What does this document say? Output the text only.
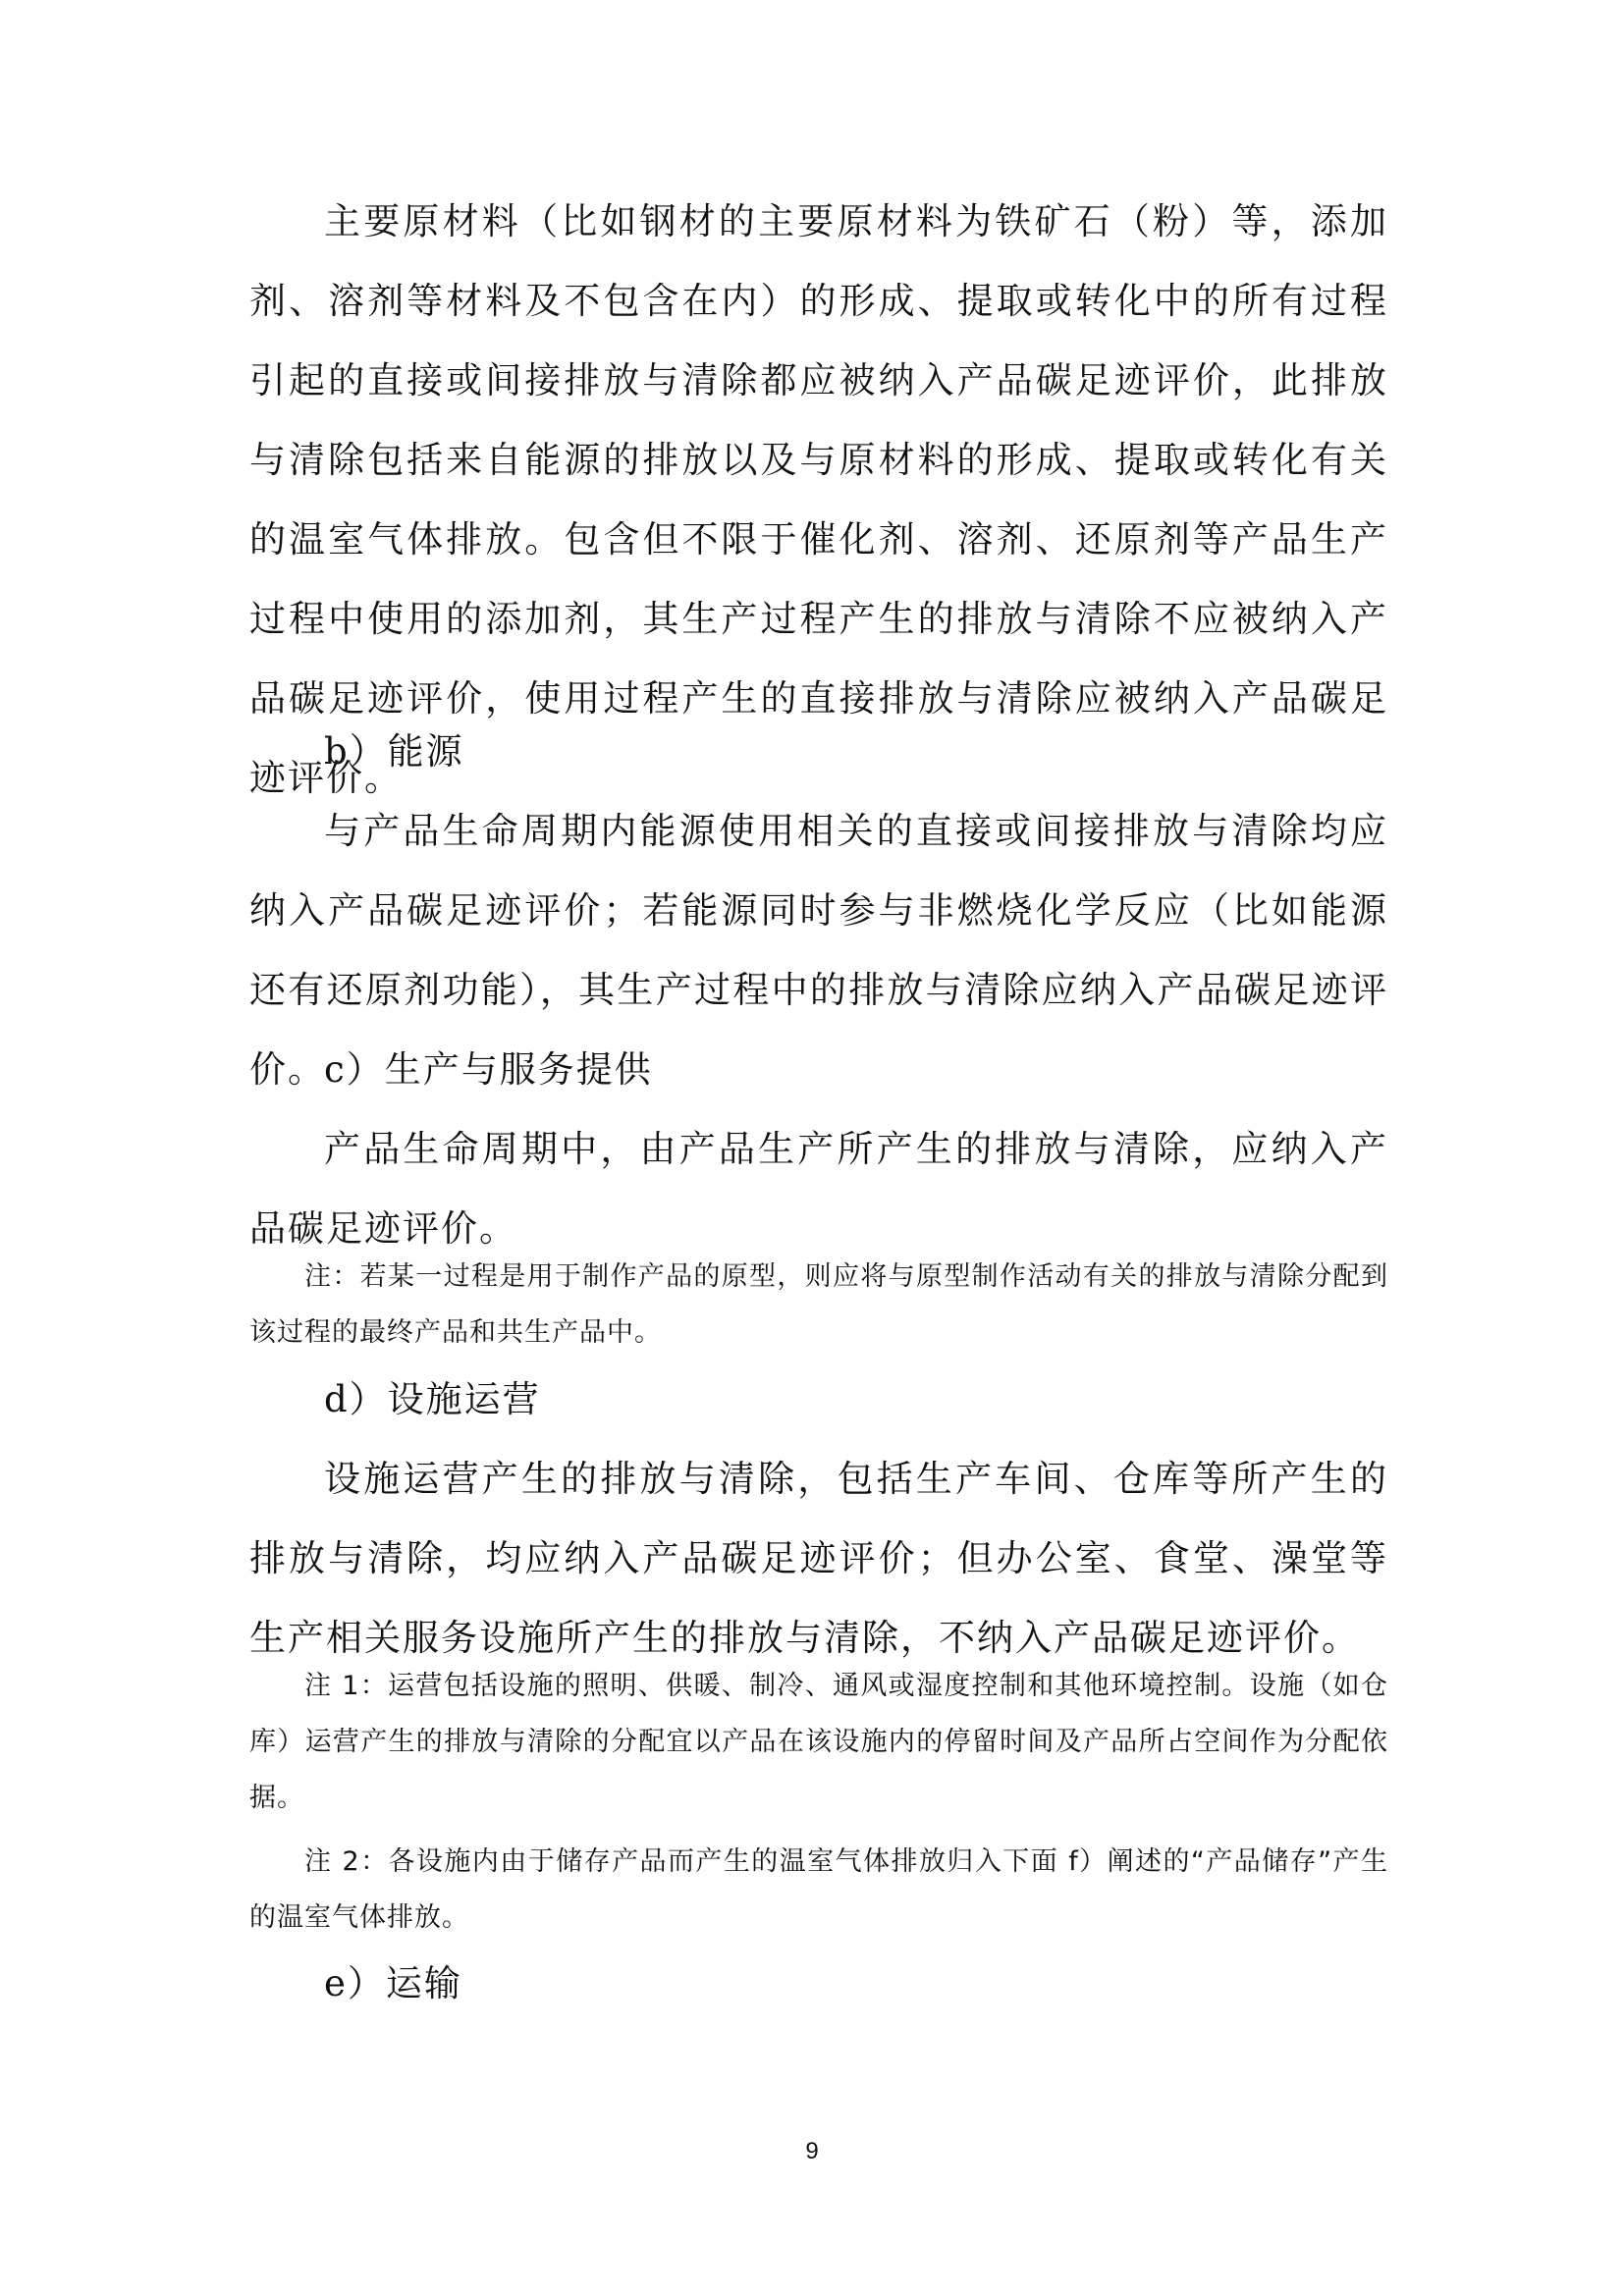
主要原材料（比如钢材的主要原材料为铁矿石（粉）等，添加剂、溶剂等材料及不包含在内）的形成、提取或转化中的所有过程引起的直接或间接排放与清除都应被纳入产品碳足迹评价，此排放与清除包括来自能源的排放以及与原材料的形成、提取或转化有关的温室气体排放。包含但不限于催化剂、溶剂、还原剂等产品生产过程中使用的添加剂，其生产过程产生的排放与清除不应被纳入产品碳足迹评价，使用过程产生的直接排放与清除应被纳入产品碳足迹评价。

b）能源

与产品生命周期内能源使用相关的直接或间接排放与清除均应纳入产品碳足迹评价；若能源同时参与非燃烧化学反应（比如能源还有还原剂功能），其生产过程中的排放与清除应纳入产品碳足迹评价。

c）生产与服务提供

产品生命周期中，由产品生产所产生的排放与清除，应纳入产品碳足迹评价。

注：若某一过程是用于制作产品的原型，则应将与原型制作活动有关的排放与清除分配到该过程的最终产品和共生产品中。

d）设施运营

设施运营产生的排放与清除，包括生产车间、仓库等所产生的排放与清除，均应纳入产品碳足迹评价；但办公室、食堂、澡堂等生产相关服务设施所产生的排放与清除，不纳入产品碳足迹评价。

注 1：运营包括设施的照明、供暖、制冷、通风或湿度控制和其他环境控制。设施（如仓库）运营产生的排放与清除的分配宜以产品在该设施内的停留时间及产品所占空间作为分配依据。

注 2：各设施内由于储存产品而产生的温室气体排放归入下面 f）阐述的“产品储存”产生的温室气体排放。

e）运输

9
